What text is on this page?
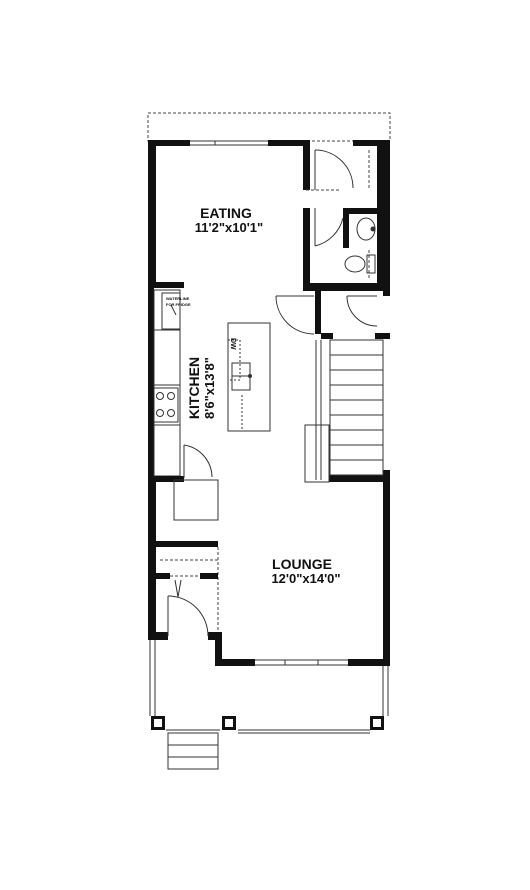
WATERLINE
FOR FRIDGE
DW
EATING
11'2"x10'1"
KITCHEN 8'6"x13'8"
LOUNGE
12'0"x14'0"
